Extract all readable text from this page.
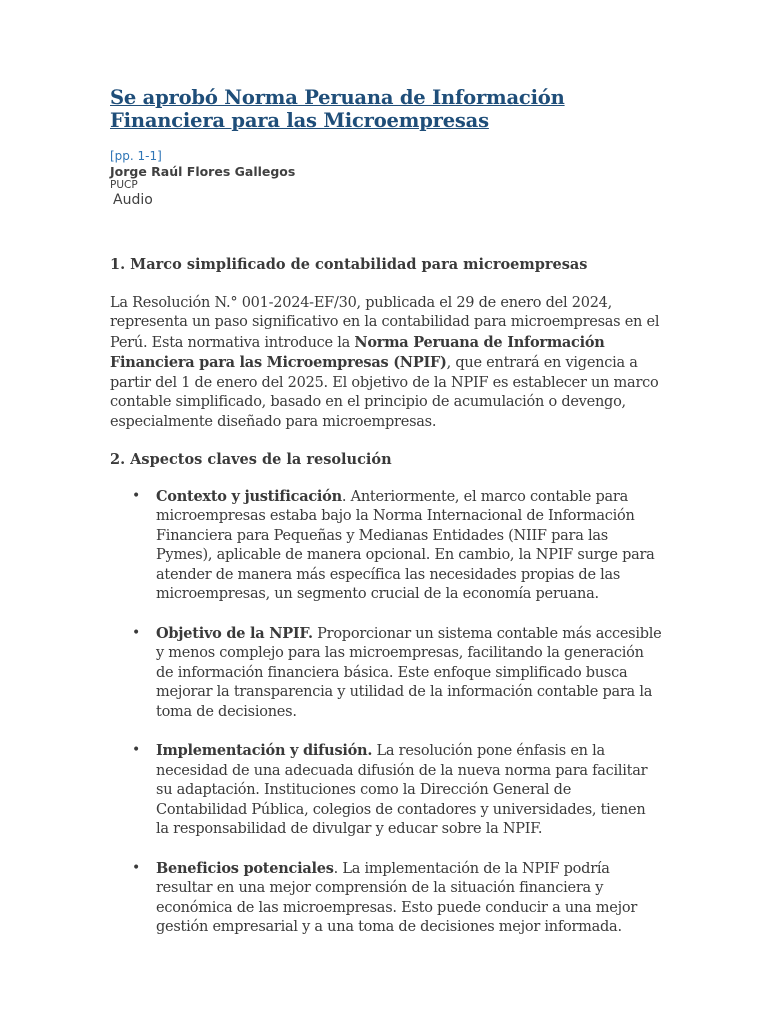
Se aprobó Norma Peruana de Información Financiera para las Microempresas
[pp. 1-1]
Jorge Raúl Flores Gallegos
PUCP
Audio
1. Marco simplificado de contabilidad para microempresas

La Resolución N.° 001-2024-EF/30, publicada el 29 de enero del 2024, representa un paso significativo en la contabilidad para microempresas en el Perú. Esta normativa introduce la Norma Peruana de Información Financiera para las Microempresas (NPIF), que entrará en vigencia a partir del 1 de enero del 2025. El objetivo de la NPIF es establecer un marco contable simplificado, basado en el principio de acumulación o devengo, especialmente diseñado para microempresas.

2. Aspectos claves de la resolución
• Contexto y justificación. Anteriormente, el marco contable para microempresas estaba bajo la Norma Internacional de Información Financiera para Pequeñas y Medianas Entidades (NIIF para las Pymes), aplicable de manera opcional. En cambio, la NPIF surge para atender de manera más específica las necesidades propias de las microempresas, un segmento crucial de la economía peruana.
• Objetivo de la NPIF. Proporcionar un sistema contable más accesible y menos complejo para las microempresas, facilitando la generación de información financiera básica. Este enfoque simplificado busca mejorar la transparencia y utilidad de la información contable para la toma de decisiones.
• Implementación y difusión. La resolución pone énfasis en la necesidad de una adecuada difusión de la nueva norma para facilitar su adaptación. Instituciones como la Dirección General de Contabilidad Pública, colegios de contadores y universidades, tienen la responsabilidad de divulgar y educar sobre la NPIF.
• Beneficios potenciales. La implementación de la NPIF podría resultar en una mejor comprensión de la situación financiera y económica de las microempresas. Esto puede conducir a una mejor gestión empresarial y a una toma de decisiones mejor informada.
